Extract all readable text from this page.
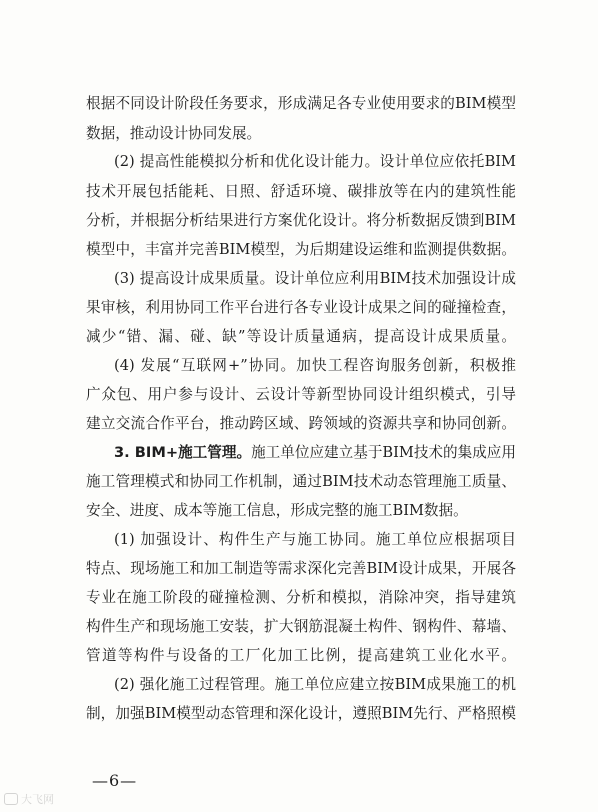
根据不同设计阶段任务要求，形成满足各专业使用要求的BIM模型
数据，推动设计协同发展。
(2) 提高性能模拟分析和优化设计能力。设计单位应依托BIM
技术开展包括能耗、日照、舒适环境、碳排放等在内的建筑性能
分析，并根据分析结果进行方案优化设计。将分析数据反馈到BIM
模型中，丰富并完善BIM模型，为后期建设运维和监测提供数据。
(3) 提高设计成果质量。设计单位应利用BIM技术加强设计成
果审核，利用协同工作平台进行各专业设计成果之间的碰撞检查，
减少“错、漏、碰、缺”等设计质量通病，提高设计成果质量。
(4) 发展“互联网+”协同。加快工程咨询服务创新，积极推
广众包、用户参与设计、云设计等新型协同设计组织模式，引导
建立交流合作平台，推动跨区域、跨领域的资源共享和协同创新。
3. BIM+施工管理。 施工单位应建立基于BIM技术的集成应用
施工管理模式和协同工作机制，通过BIM技术动态管理施工质量、
安全、进度、成本等施工信息，形成完整的施工BIM数据。
(1) 加强设计、构件生产与施工协同。施工单位应根据项目
特点、现场施工和加工制造等需求深化完善BIM设计成果，开展各
专业在施工阶段的碰撞检测、分析和模拟，消除冲突，指导建筑
构件生产和现场施工安装，扩大钢筋混凝土构件、钢构件、幕墙、
管道等构件与设备的工厂化加工比例，提高建筑工业化水平。
(2) 强化施工过程管理。施工单位应建立按BIM成果施工的机
制，加强BIM模型动态管理和深化设计，遵照BIM先行、严格照模
—6—
大飞网
